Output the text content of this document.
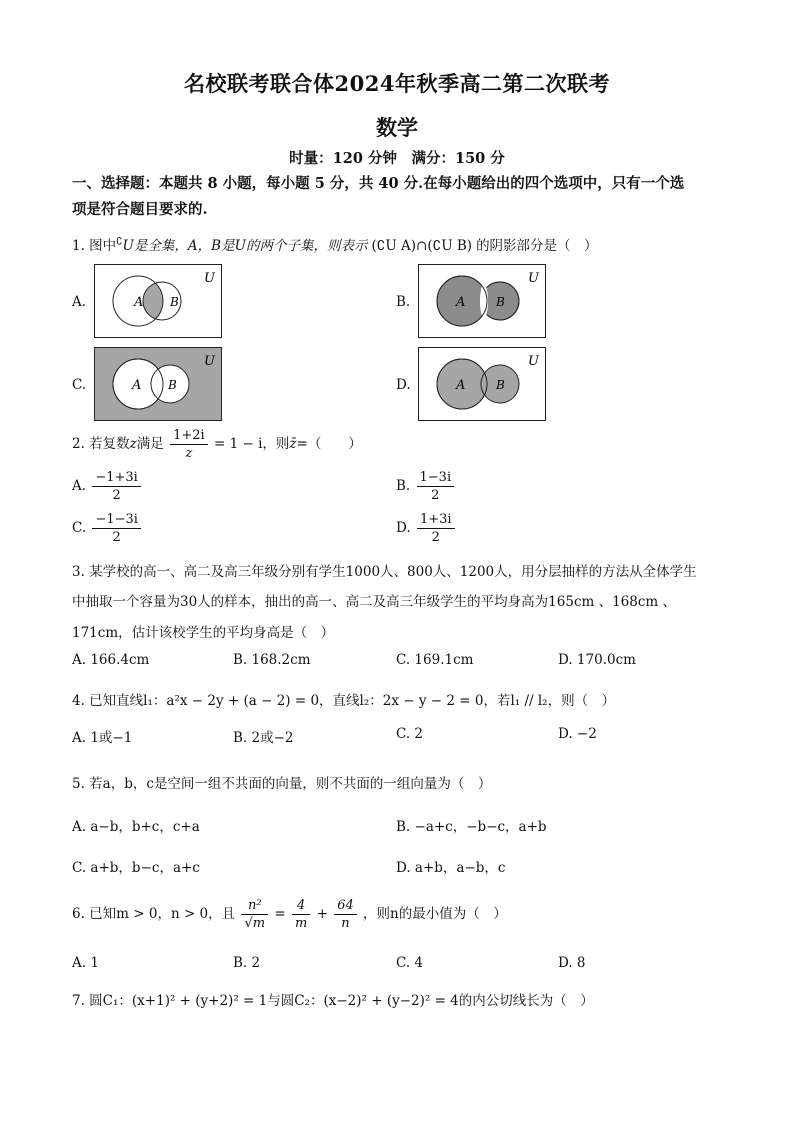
名校联考联合体2024年秋季高二第二次联考
数学
时量：120 分钟　满分：150 分
一、选择题：本题共 8 小题，每小题 5 分，共 40 分.在每小题给出的四个选项中，只有一个选
项是符合题目要求的.
1. 图中∁U是全集，A，B是U的两个子集，则表示 (∁U A)∩(∁U B) 的阴影部分是（　）
A.	B.
C.	D.
A B
U
A	B
U
A B
U
A	B
U
2. 若复数z满足 $\frac{1+2i}{z} = 1 - i$，则z̄=（　　）
A. $\frac{-1+3i}{2}$	B. $\frac{1-3i}{2}$
C. $\frac{-1-3i}{2}$	D. $\frac{1+3i}{2}$
3. 某学校的高一、高二及高三年级分别有学生1000人、800人、1200人，用分层抽样的方法从全体学生
中抽取一个容量为30人的样本，抽出的高一、高二及高三年级学生的平均身高为165cm 、168cm 、
171cm，估计该校学生的平均身高是（　）
A. 166.4cm	B. 168.2cm	C. 169.1cm	D. 170.0cm
4. 已知直线l₁：a²x − 2y + (a − 2) = 0，直线l₂：2x − y − 2 = 0，若l₁ // l₂，则（　）
A. 1或−1	B. 2或−2	C. 2	D. −2
5. 若a，b，c是空间一组不共面的向量，则不共面的一组向量为（　）
A. a−b，b+c，c+a	B. −a+c，−b−c，a+b
C. a+b，b−c，a+c	D. a+b，a−b，c
6. 已知m > 0，n > 0，且 $\frac{\text{n²}}{√m} = \frac{4}{m} + \frac{64}{n}$ ，则n的最小值为（　）
A. 1	B. 2	C. 4	D. 8
7. 圆C₁：(x+1)² + (y+2)² = 1与圆C₂：(x−2)² + (y−2)² = 4的内公切线长为（　）
